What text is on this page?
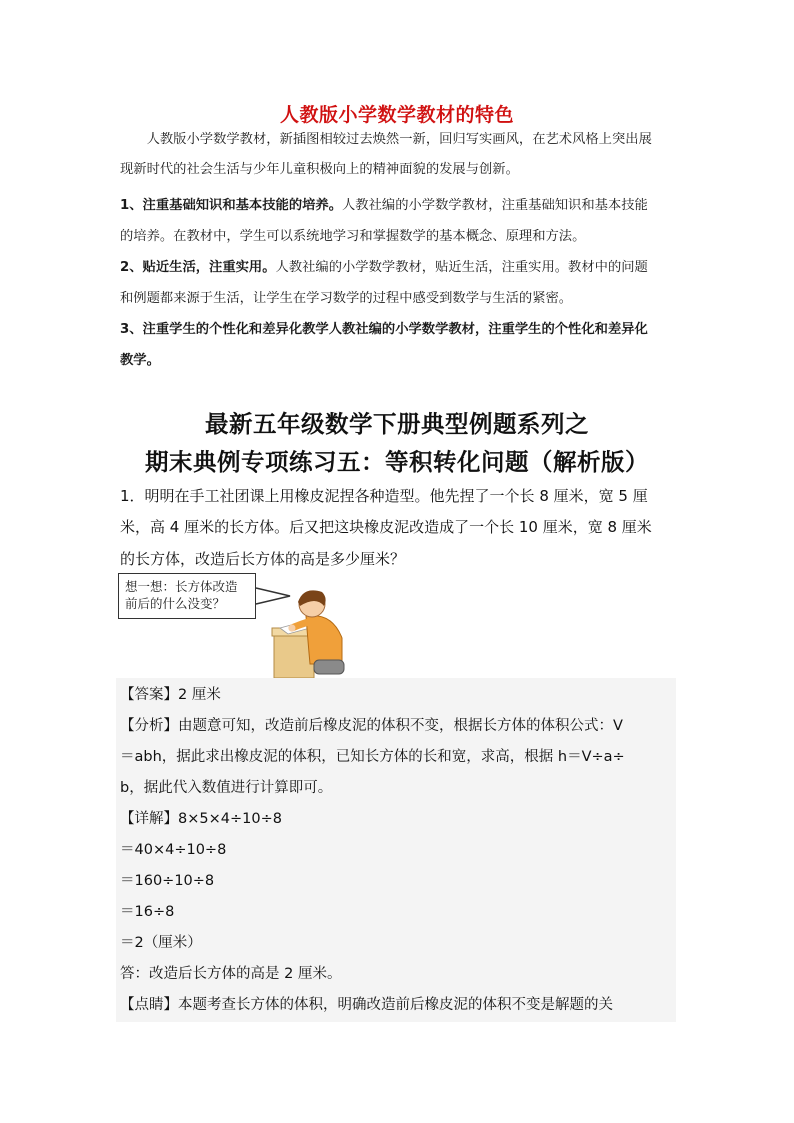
人教版小学数学教材的特色
　　人教版小学数学教材，新插图相较过去焕然一新，回归写实画风，在艺术风格上突出展
现新时代的社会生活与少年儿童积极向上的精神面貌的发展与创新。
1、注重基础知识和基本技能的培养。人教社编的小学数学教材，注重基础知识和基本技能
的培养。在教材中，学生可以系统地学习和掌握数学的基本概念、原理和方法。
2、贴近生活，注重实用。人教社编的小学数学教材，贴近生活，注重实用。教材中的问题
和例题都来源于生活，让学生在学习数学的过程中感受到数学与生活的紧密。
3、注重学生的个性化和差异化教学人教社编的小学数学教材，注重学生的个性化和差异化
教学。
最新五年级数学下册典型例题系列之
期末典例专项练习五：等积转化问题（解析版）
1．明明在手工社团课上用橡皮泥捏各种造型。他先捏了一个长 8 厘米，宽 5 厘
米，高 4 厘米的长方体。后又把这块橡皮泥改造成了一个长 10 厘米，宽 8 厘米
的长方体，改造后长方体的高是多少厘米？
想一想：长方体改造
前后的什么没变？
【答案】2 厘米
【分析】由题意可知，改造前后橡皮泥的体积不变，根据长方体的体积公式：V
＝abh，据此求出橡皮泥的体积，已知长方体的长和宽，求高，根据 h＝V÷a÷
b，据此代入数值进行计算即可。
【详解】8×5×4÷10÷8
＝40×4÷10÷8
＝160÷10÷8
＝16÷8
＝2（厘米）
答：改造后长方体的高是 2 厘米。
【点睛】本题考查长方体的体积，明确改造前后橡皮泥的体积不变是解题的关
